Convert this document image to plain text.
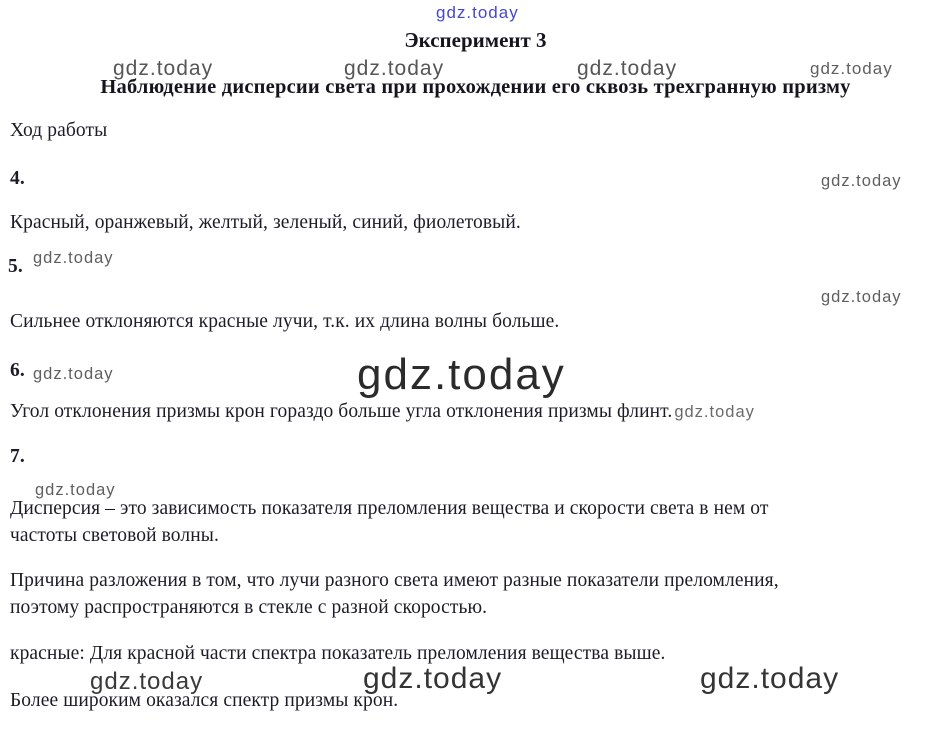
gdz.today
Эксперимент 3
gdz.today	gdz.today	gdz.today	gdz.today
Наблюдение дисперсии света при прохождении его сквозь трехгранную призму
Ход работы
4.	gdz.today
Красный, оранжевый, желтый, зеленый, синий, фиолетовый.
5. gdz.today
gdz.today
Сильнее отклоняются красные лучи, т.к. их длина волны больше.
6. gdz.today	gdz.today
Угол отклонения призмы крон гораздо больше угла отклонения призмы флинт. gdz.today
7.
gdz.today
Дисперсия – это зависимость показателя преломления вещества и скорости света в нем от
частоты световой волны.
Причина разложения в том, что лучи разного света имеют разные показатели преломления,
поэтому распространяются в стекле с разной скоростью.
красные: Для красной части спектра показатель преломления вещества выше.
gdz.today	gdz.today	gdz.today
Более широким оказался спектр призмы крон.
